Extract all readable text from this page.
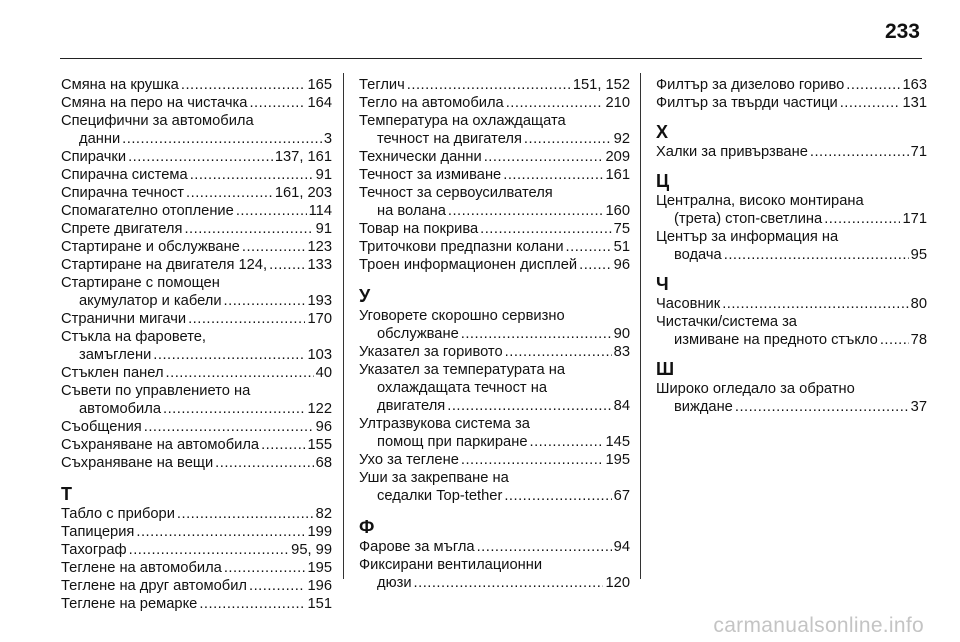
233
Смяна на крушка .....	165
Смяна на перо на чистачка .....	164
Специфични за автомобила
данни .....	3
Спирачки .....	137, 161
Спирачна система .....	91
Спирачна течност .....	161, 203
Спомагателно отопление .....	114
Спрете двигателя .....	91
Стартиране и обслужване .....	123
Стартиране на двигателя 124, .....	133
Стартиране с помощен
акумулатор и кабели .....	193
Странични мигачи .....	170
Стъкла на фаровете,
замъглени .....	103
Стъклен панел .....	40
Съвети по управлението на
автомобила .....	122
Съобщения .....	96
Съхраняване на автомобила .....	155
Съхраняване на вещи .....	68
Т
Табло с прибори .....	82
Тапицерия .....	199
Тахограф .....	95, 99
Теглене на автомобила .....	195
Теглене на друг автомобил .....	196
Теглене на ремарке .....	151
Теглич .....	151, 152
Тегло на автомобила .....	210
Температура на охлаждащата
течност на двигателя .....	92
Технически данни .....	209
Течност за измиване .....	161
Течност за сервоусилвателя
на волана .....	160
Товар на покрива .....	75
Триточкови предпазни колани .....	51
Троен информационен дисплей ..... 96
У
Уговорете скорошно сервизно
обслужване .....	90
Указател за горивото .....	83
Указател за температурата на
охлаждащата течност на
двигателя .....	84
Ултразвукова система за
помощ при паркиране .....	145
Ухо за теглене .....	195
Уши за закрепване на
седалки Top-tether .....	67
Ф
Фарове за мъгла .....	94
Фиксирани вентилационни
дюзи .....	120
Филтър за дизелово гориво .....	163
Филтър за твърди частици .....	131
Х
Халки за привързване .....	71
Ц
Централна, високо монтирана
(трета) стоп-светлина .....	171
Център за информация на
водача .....	95
Ч
Часовник .....	80
Чистачки/система за
измиване на предното стъкло ..... 78
Ш
Широко огледало за обратно
виждане .....	37
carmanualsonline.info
